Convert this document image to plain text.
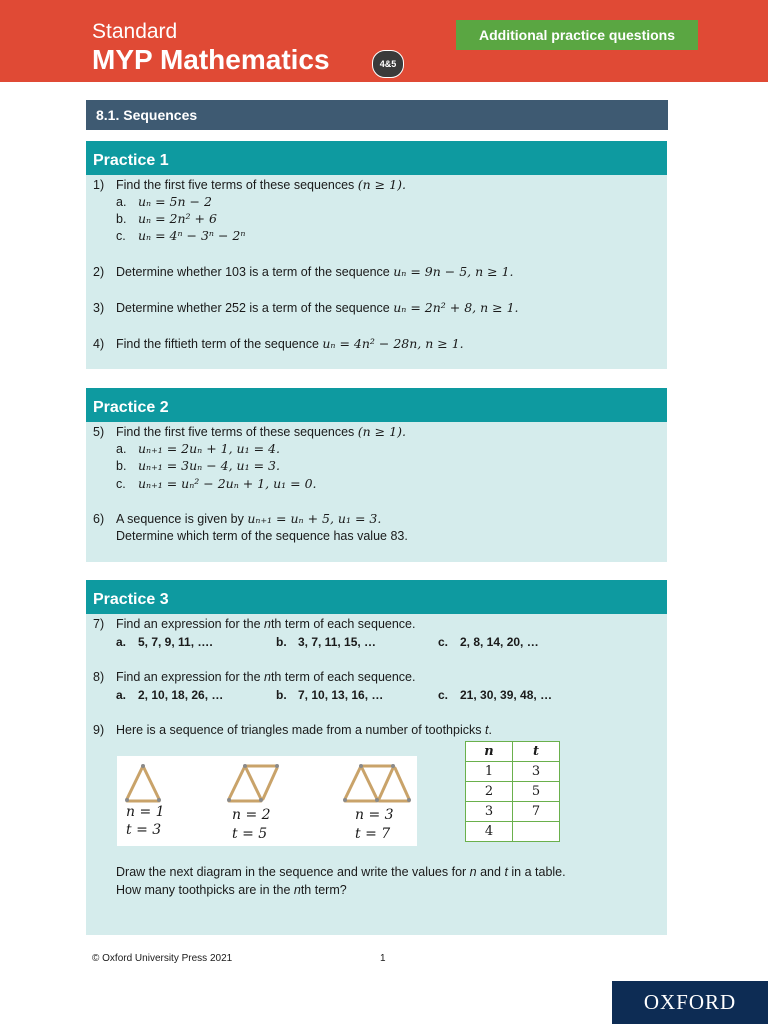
Standard
MYP Mathematics	4&5
Additional practice questions
8.1. Sequences
Practice 1
1) Find the first five terms of these sequences (n ≥ 1).
a. uₙ = 5n − 2
b. uₙ = 2n² + 6
c. uₙ = 4ⁿ − 3ⁿ − 2ⁿ
2) Determine whether 103 is a term of the sequence uₙ = 9n − 5, n ≥ 1.
3) Determine whether 252 is a term of the sequence uₙ = 2n² + 8, n ≥ 1.
4) Find the fiftieth term of the sequence uₙ = 4n² − 28n, n ≥ 1.
Practice 2
5) Find the first five terms of these sequences (n ≥ 1).
a. uₙ₊₁ = 2uₙ + 1, u₁ = 4.
b. uₙ₊₁ = 3uₙ − 4, u₁ = 3.
c. uₙ₊₁ = uₙ² − 2uₙ + 1, u₁ = 0.
6) A sequence is given by uₙ₊₁ = uₙ + 5, u₁ = 3.
Determine which term of the sequence has value 83.
Practice 3
7) Find an expression for the nth term of each sequence.
a. 5, 7, 9, 11, ….	b. 3, 7, 11, 15, …	c. 2, 8, 14, 20, …
8) Find an expression for the nth term of each sequence.
a. 2, 10, 18, 26, …	b. 7, 10, 13, 16, …	c. 21, 30, 39, 48, …
9) Here is a sequence of triangles made from a number of toothpicks t.
Draw the next diagram in the sequence and write the values for n and t in a table.
How many toothpicks are in the nth term?
n = 1
t = 3
n = 2
t = 5
n = 3
t = 7
n	t
1	3
2	5
3	7
4	
© Oxford University Press 2021	1
OXFORD
